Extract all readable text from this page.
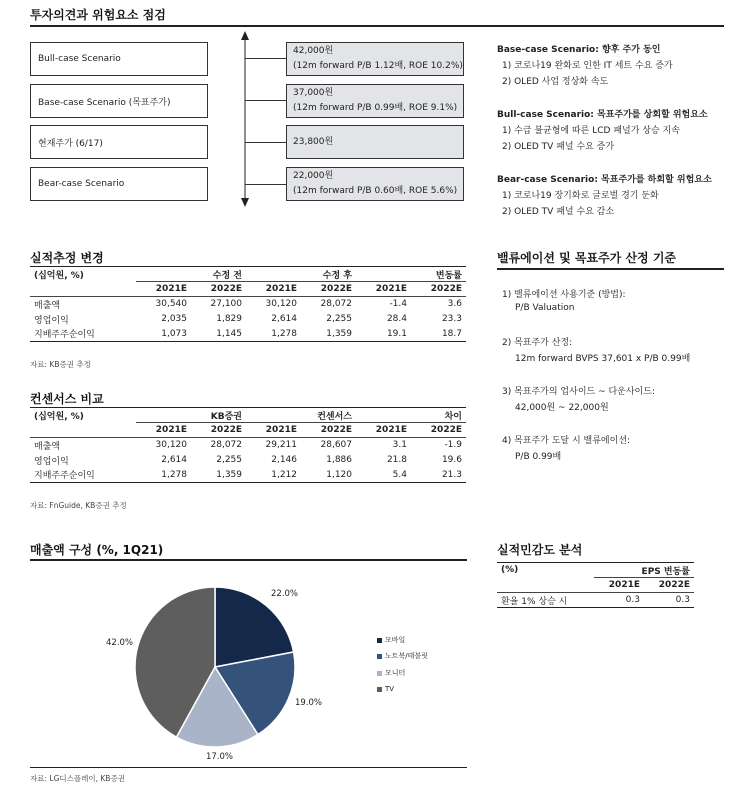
투자의견과 위험요소 점검
Bull-case Scenario
Base-case Scenario (목표주가)
현재주가 (6/17)
Bear-case Scenario
42,000원
(12m forward P/B 1.12배, ROE 10.2%)
37,000원
(12m forward P/B 0.99배, ROE 9.1%)
23,800원
22,000원
(12m forward P/B 0.60배, ROE 5.6%)
Base-case Scenario: 향후 주가 동인
1) 코로나19 완화로 인한 IT 세트 수요 증가
2) OLED 사업 정상화 속도
Bull-case Scenario: 목표주가를 상회할 위험요소
1) 수급 불균형에 따른 LCD 패널가 상승 지속
2) OLED TV 패널 수요 증가
Bear-case Scenario: 목표주가를 하회할 위험요소
1) 코로나19 장기화로 글로벌 경기 둔화
2) OLED TV 패널 수요 감소
실적추정 변경
(십억원, %)	수정 전		수정 후		변동률	
	2021E	2022E	2021E	2022E	2021E	2022E
매출액	30,540	27,100	30,120	28,072	-1.4	3.6
영업이익	2,035	1,829	2,614	2,255	28.4	23.3
지배주주순이익	1,073	1,145	1,278	1,359	19.1	18.7
자료: KB증권 추정
컨센서스 비교
(십억원, %)	KB증권		컨센서스		차이	
	2021E	2022E	2021E	2022E	2021E	2022E
매출액	30,120	28,072	29,211	28,607	3.1	-1.9
영업이익	2,614	2,255	2,146	1,886	21.8	19.6
지배주주순이익	1,278	1,359	1,212	1,120	5.4	21.3
자료: FnGuide, KB증권 추정
밸류에이션 및 목표주가 산정 기준
1) 밸류에이션 사용기준 (방법):
P/B Valuation
2) 목표주가 산정:
12m forward BVPS 37,601 x P/B 0.99배
3) 목표주가의 업사이드 ~ 다운사이드:
42,000원 ~ 22,000원
4) 목표주가 도달 시 밸류에이션:
P/B 0.99배
매출액 구성 (%, 1Q21)
22.0%
19.0%
17.0%
42.0%	모바일
노트북/태블릿
모니터
TV
자료: LG디스플레이, KB증권
실적민감도 분석
(%)	EPS 변동률	
	2021E	2022E
환율 1% 상승 시	0.3	0.3
